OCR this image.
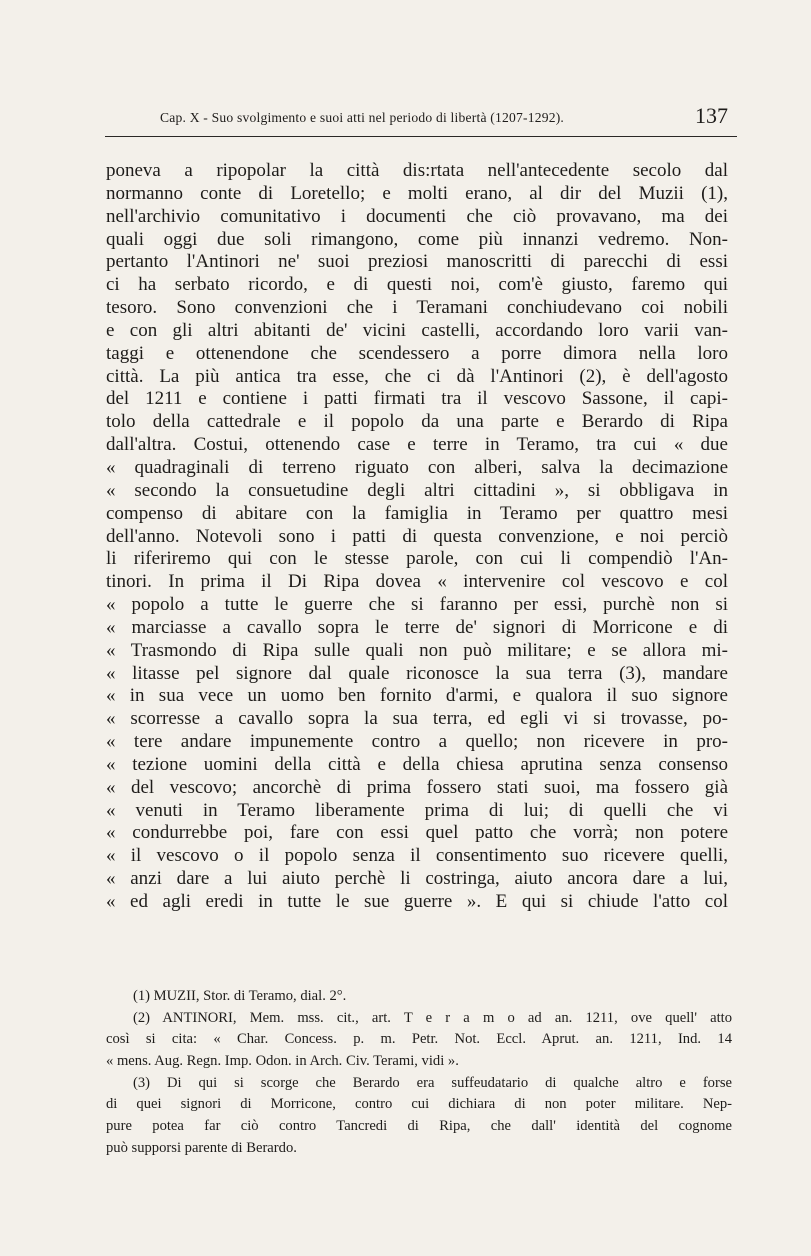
Cap. X - Suo svolgimento e suoi atti nel periodo di libertà (1207-1292).	137
poneva a ripopolar la città dis:rtata nell'antecedente secolo dal
normanno conte di Loretello; e molti erano, al dir del Muzii (1),
nell'archivio comunitativo i documenti che ciò provavano, ma dei
quali oggi due soli rimangono, come più innanzi vedremo. Non-
pertanto l'Antinori ne' suoi preziosi manoscritti di parecchi di essi
ci ha serbato ricordo, e di questi noi, com'è giusto, faremo qui
tesoro. Sono convenzioni che i Teramani conchiudevano coi nobili
e con gli altri abitanti de' vicini castelli, accordando loro varii van-
taggi e ottenendone che scendessero a porre dimora nella loro
città. La più antica tra esse, che ci dà l'Antinori (2), è dell'agosto
del 1211 e contiene i patti firmati tra il vescovo Sassone, il capi-
tolo della cattedrale e il popolo da una parte e Berardo di Ripa
dall'altra. Costui, ottenendo case e terre in Teramo, tra cui « due
« quadraginali di terreno riguato con alberi, salva la decimazione
« secondo la consuetudine degli altri cittadini », si obbligava in
compenso di abitare con la famiglia in Teramo per quattro mesi
dell'anno. Notevoli sono i patti di questa convenzione, e noi perciò
li riferiremo qui con le stesse parole, con cui li compendiò l'An-
tinori. In prima il Di Ripa dovea « intervenire col vescovo e col
« popolo a tutte le guerre che si faranno per essi, purchè non si
« marciasse a cavallo sopra le terre de' signori di Morricone e di
« Trasmondo di Ripa sulle quali non può militare; e se allora mi-
« litasse pel signore dal quale riconosce la sua terra (3), mandare
« in sua vece un uomo ben fornito d'armi, e qualora il suo signore
« scorresse a cavallo sopra la sua terra, ed egli vi si trovasse, po-
« tere andare impunemente contro a quello; non ricevere in pro-
« tezione uomini della città e della chiesa aprutina senza consenso
« del vescovo; ancorchè di prima fossero stati suoi, ma fossero già
« venuti in Teramo liberamente prima di lui; di quelli che vi
« condurrebbe poi, fare con essi quel patto che vorrà; non potere
« il vescovo o il popolo senza il consentimento suo ricevere quelli,
« anzi dare a lui aiuto perchè li costringa, aiuto ancora dare a lui,
« ed agli eredi in tutte le sue guerre ». E qui si chiude l'atto col
(1) MUZII, Stor. di Teramo, dial. 2°.
(2) ANTINORI, Mem. mss. cit., art. T e r a m o ad an. 1211, ove quell' atto
così si cita: « Char. Concess. p. m. Petr. Not. Eccl. Aprut. an. 1211, Ind. 14
« mens. Aug. Regn. Imp. Odon. in Arch. Civ. Terami, vidi ».
(3) Di qui si scorge che Berardo era suffeudatario di qualche altro e forse
di quei signori di Morricone, contro cui dichiara di non poter militare. Nep-
pure potea far ciò contro Tancredi di Ripa, che dall' identità del cognome
può supporsi parente di Berardo.
